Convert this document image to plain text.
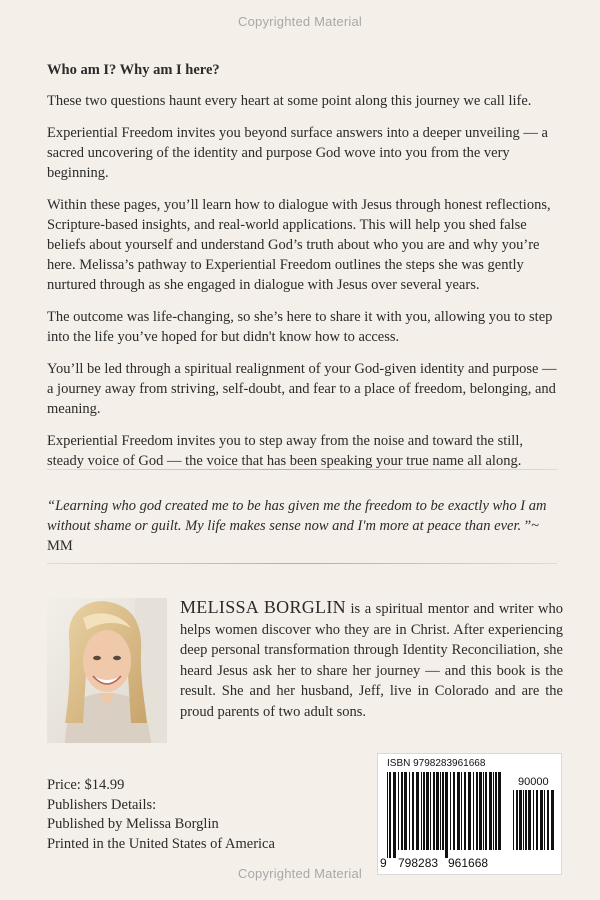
Copyrighted Material

Who am I? Why am I here?

These two questions haunt every heart at some point along this journey we call life.

Experiential Freedom invites you beyond surface answers into a deeper unveiling — a sacred uncovering of the identity and purpose God wove into you from the very beginning.

Within these pages, you’ll learn how to dialogue with Jesus through honest reflections, Scripture-based insights, and real-world applications. This will help you shed false beliefs about yourself and understand God’s truth about who you are and why you’re here. Melissa’s pathway to Experiential Freedom outlines the steps she was gently nurtured through as she engaged in dialogue with Jesus over several years.

The outcome was life-changing, so she’s here to share it with you, allowing you to step into the life you’ve hoped for but didn't know how to access.

You’ll be led through a spiritual realignment of your God-given identity and purpose — a journey away from striving, self-doubt, and fear to a place of freedom, belonging, and meaning.

Experiential Freedom invites you to step away from the noise and toward the still, steady voice of God — the voice that has been speaking your true name all along.

“Learning who god created me to be has given me the freedom to be exactly who I am without shame or guilt. My life makes sense now and I'm more at peace than ever. ”~ MM
MELISSA BORGLIN is a spiritual mentor and writer who helps women discover who they are in Christ. After experiencing deep personal transformation through Identity Reconciliation, she heard Jesus ask her to share her journey — and this book is the result. She and her husband, Jeff, live in Colorado and are the proud parents of two adult sons.
Price: $14.99
Publishers Details:
Published by Melissa Borglin
Printed in the United States of America
ISBN 9798283961668
90000
9 798283 961668
Copyrighted Material
